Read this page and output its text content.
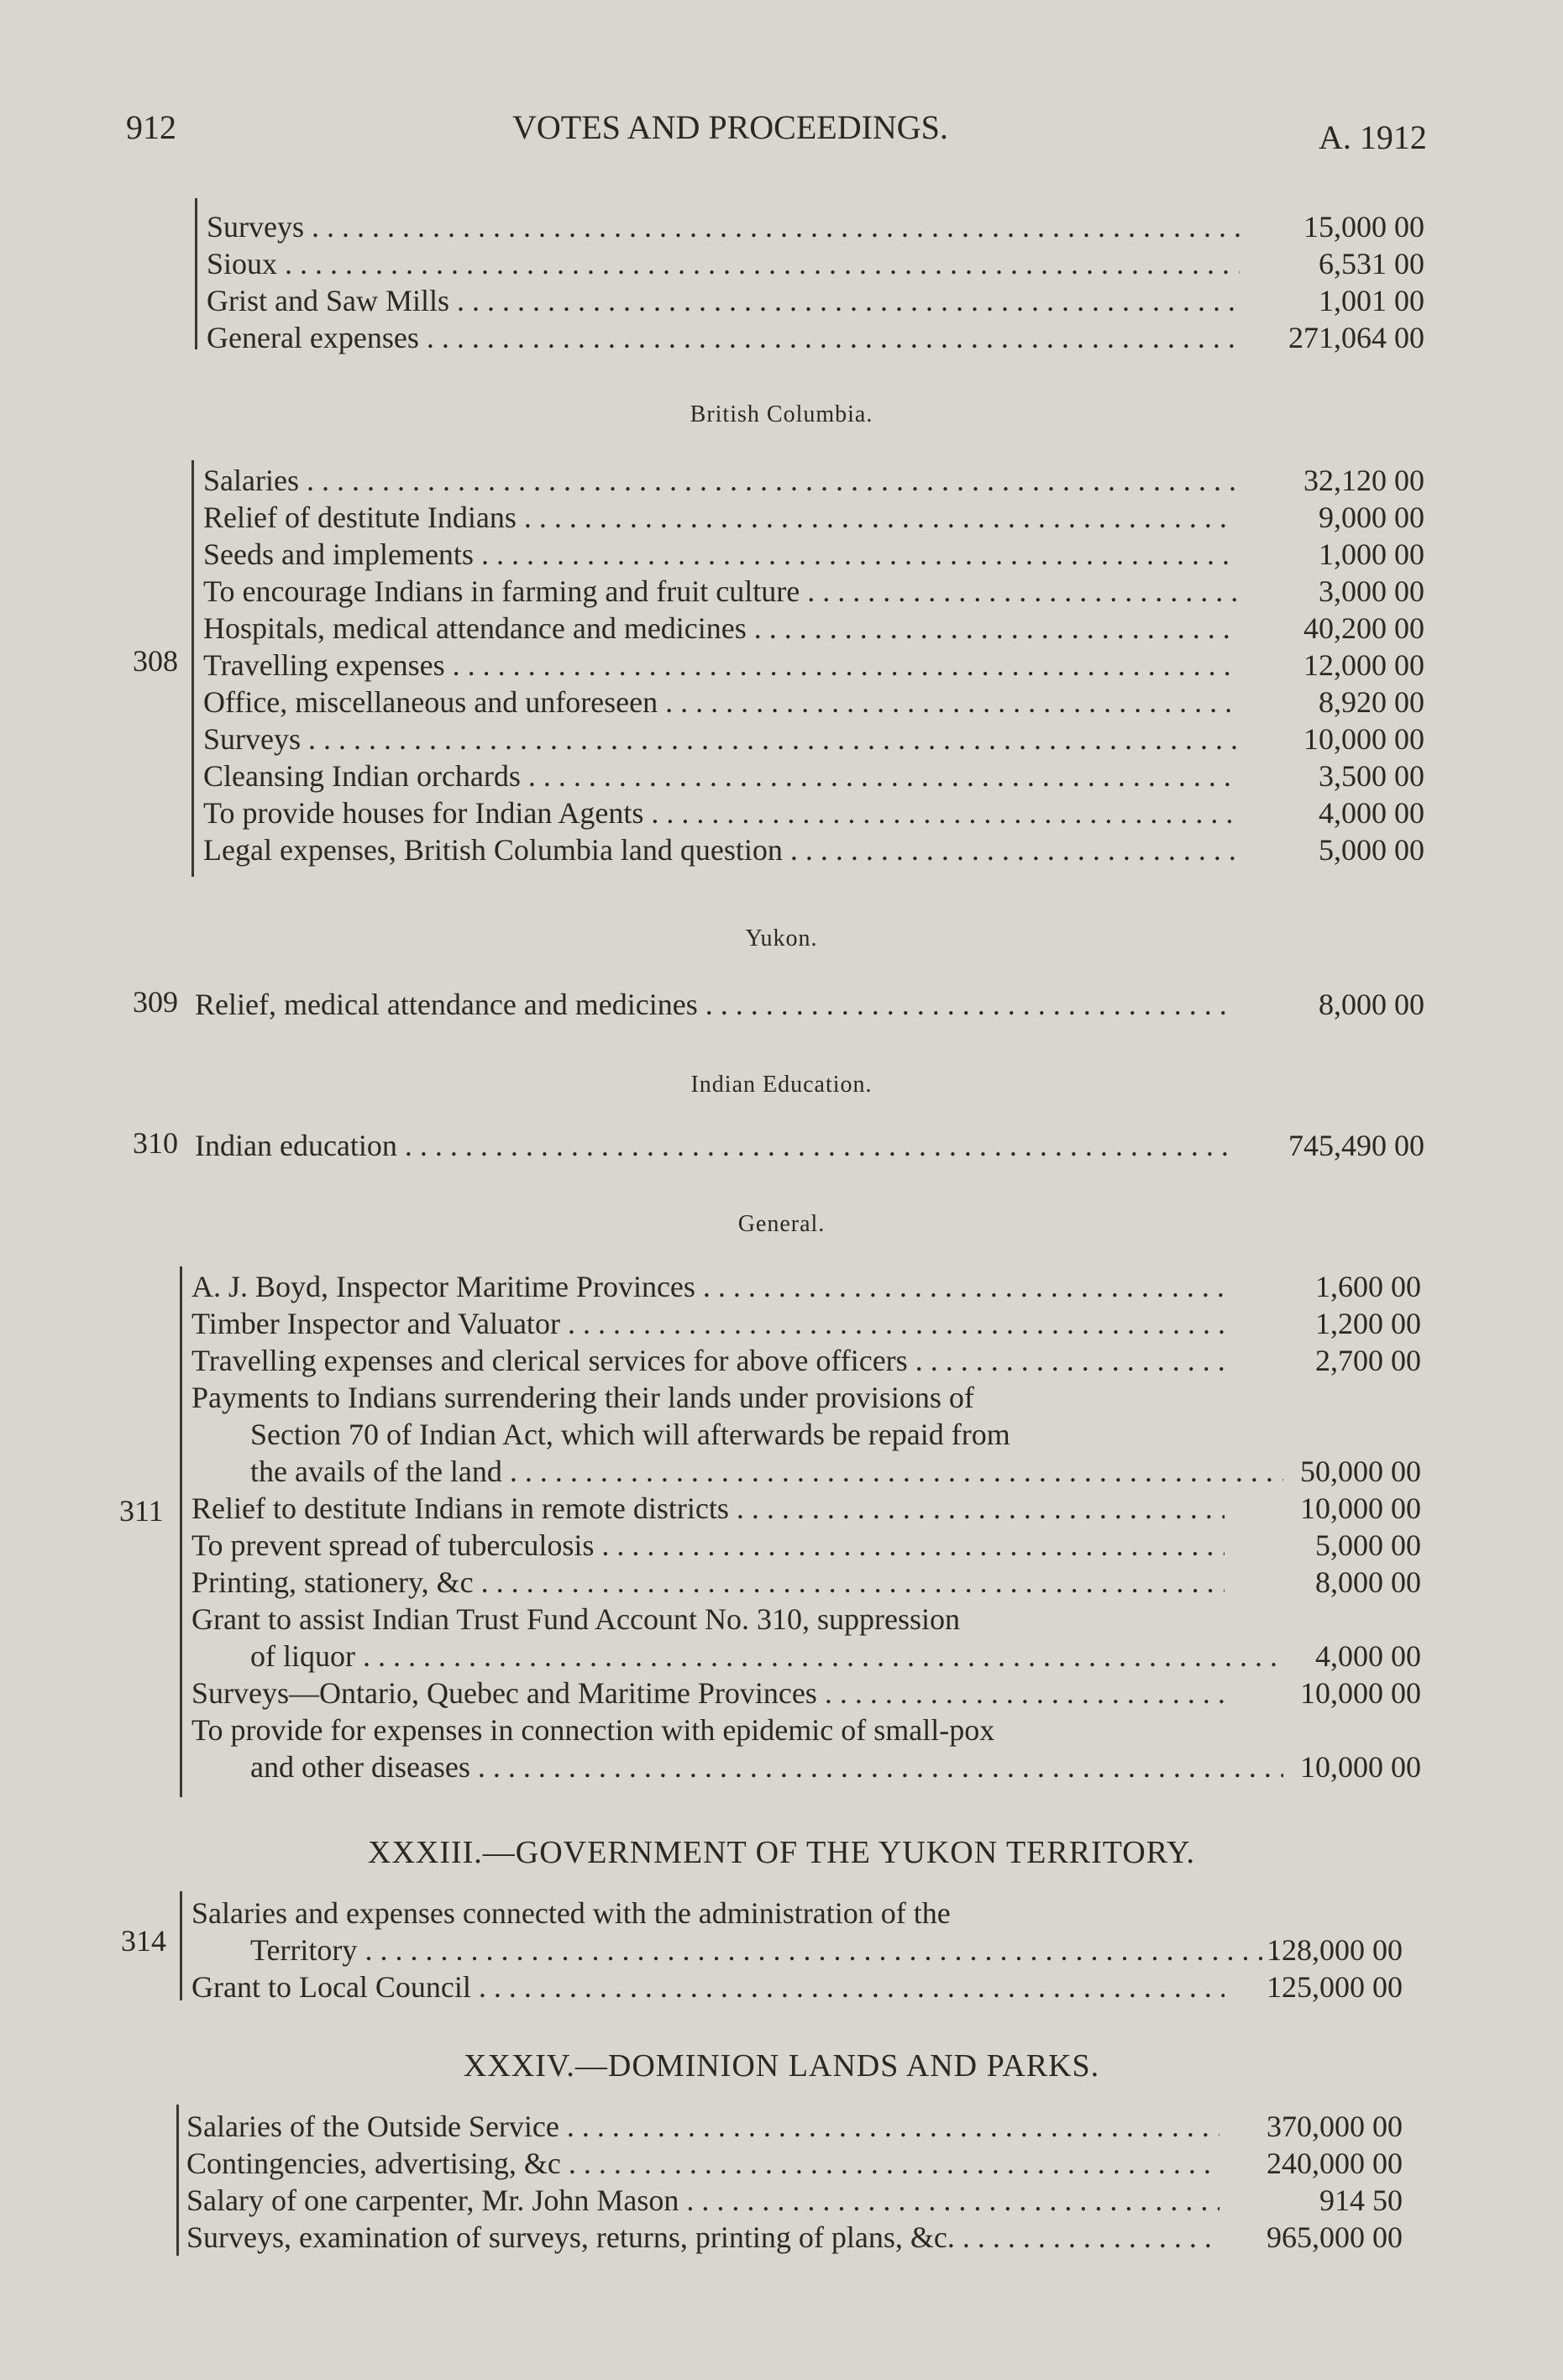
912	VOTES AND PROCEEDINGS.	A. 1912
Surveys . . .	15,000 00
Sioux . . .	6,531 00
Grist and Saw Mills . . .	1,001 00
General expenses . . .	271,064 00
British Columbia.
308
Salaries . . .	32,120 00
Relief of destitute Indians . . .	9,000 00
Seeds and implements . . .	1,000 00
To encourage Indians in farming and fruit culture . . .	3,000 00
Hospitals, medical attendance and medicines . . .	40,200 00
Travelling expenses . . .	12,000 00
Office, miscellaneous and unforeseen . . .	8,920 00
Surveys . . .	10,000 00
Cleansing Indian orchards . . .	3,500 00
To provide houses for Indian Agents . . .	4,000 00
Legal expenses, British Columbia land question . . .	5,000 00
Yukon.
309 Relief, medical attendance and medicines . . .	8,000 00
Indian Education.
310 Indian education . . .	745,490 00
General.
311
A. J. Boyd, Inspector Maritime Provinces . . .	1,600 00
Timber Inspector and Valuator . . .	1,200 00
Travelling expenses and clerical services for above officers . . .	2,700 00
Payments to Indians surrendering their lands under provisions of
Section 70 of Indian Act, which will afterwards be repaid from
the avails of the land . . .	50,000 00
Relief to destitute Indians in remote districts . . .	10,000 00
To prevent spread of tuberculosis . . .	5,000 00
Printing, stationery, &c . . .	8,000 00
Grant to assist Indian Trust Fund Account No. 310, suppression
of liquor . . .	4,000 00
Surveys—Ontario, Quebec and Maritime Provinces . . .	10,000 00
To provide for expenses in connection with epidemic of small-pox
and other diseases . . .	10,000 00
XXXIII.—GOVERNMENT OF THE YUKON TERRITORY.
314
Salaries and expenses connected with the administration of the
Territory . . .	128,000 00
Grant to Local Council . . .	125,000 00
XXXIV.—DOMINION LANDS AND PARKS.
Salaries of the Outside Service . . .	370,000 00
Contingencies, advertising, &c . . .	240,000 00
Salary of one carpenter, Mr. John Mason . . .	914 50
Surveys, examination of surveys, returns, printing of plans, &c. . . .	965,000 00
